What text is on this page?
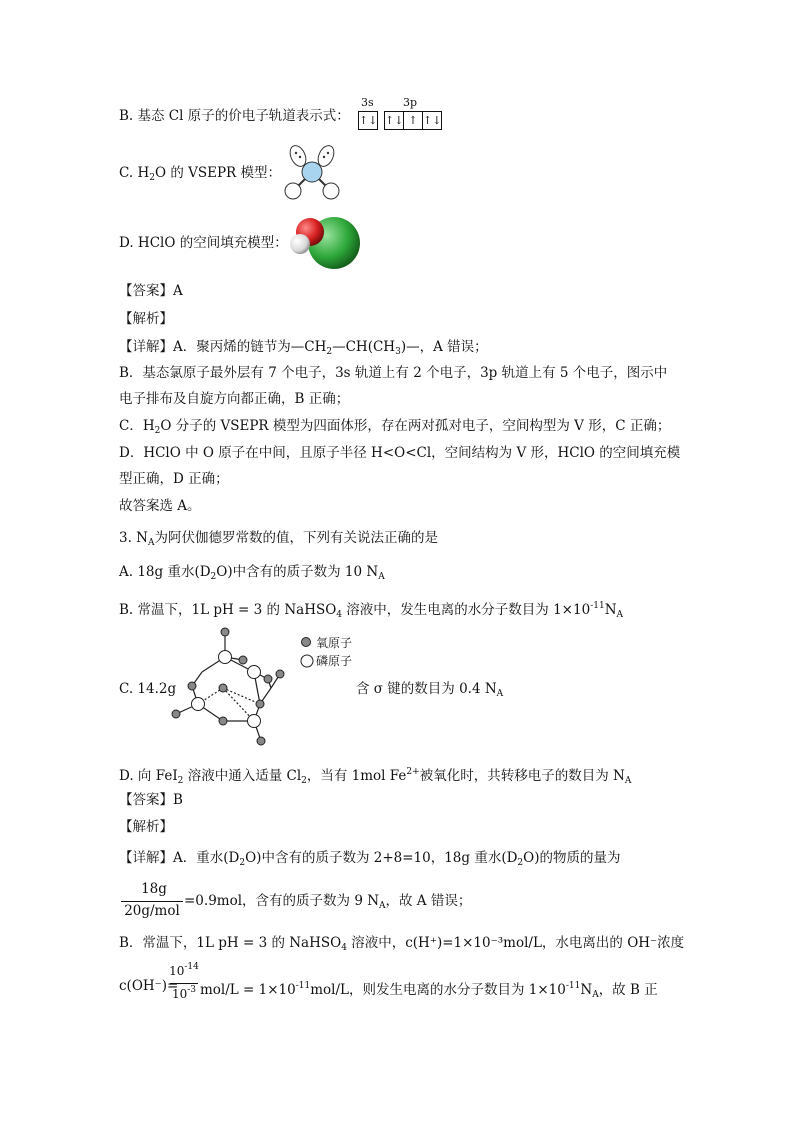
B. 基态 Cl 原子的价电子轨道表示式：
3s	3p
↑↓ ↑↓ ↑ ↑↓
C. $H_2O$ 的 VSEPR 模型：
D. HClO 的空间填充模型：
【答案】A
【解析】
【详解】A．聚丙烯的链节为$—CH_2—CH(CH_3)—$，A 错误；
B．基态氯原子最外层有 7 个电子，3s 轨道上有 2 个电子，3p 轨道上有 5 个电子，图示中
电子排布及自旋方向都正确，B 正确；
C．$H_2O$ 分子的 VSEPR 模型为四面体形，存在两对孤对电子，空间构型为 V 形，C 正确；
D．HClO 中 O 原子在中间，且原子半径 H<O<Cl，空间结构为 V 形，HClO 的空间填充模
型正确，D 正确；
故答案选 A。
3. $N_A$为阿伏伽德罗常数的值，下列有关说法正确的是
A. 18g 重水$(D_2O)$中含有的质子数为 10 $N_A$
B. 常温下，1L pH = 3 的 NaHSO$_4$ 溶液中，发生电离的水分子数目为 $1\times 10^{-11}N_A$
氧原子
磷原子
C. 14.2g	含 σ 键的数目为 0.4 $N_A$
D. 向 FeI$_2$ 溶液中通入适量 $Cl_2$，当有 1mol $Fe^{2+}$被氧化时，共转移电子的数目为 $N_A$
【答案】B
【解析】
【详解】A．重水$(D_2O)$中含有的质子数为 2+8=10，18g 重水$(D_2O)$的物质的量为
18g
20g/mol
=0.9mol，含有的质子数为 9 $N_A$，故 A 错误；
B．常温下，1L pH = 3 的 NaHSO$_4$ 溶液中，c(H⁺)=1×10⁻³mol/L，水电离出的 OH⁻浓度
c(OH⁻)=
$10^{-14}$
$10^{-3}$ $mol/L = 1\times 10^{-11}mol/L$，则发生电离的水分子数目为 $1\times 10^{-11}N_A$，故 B 正
